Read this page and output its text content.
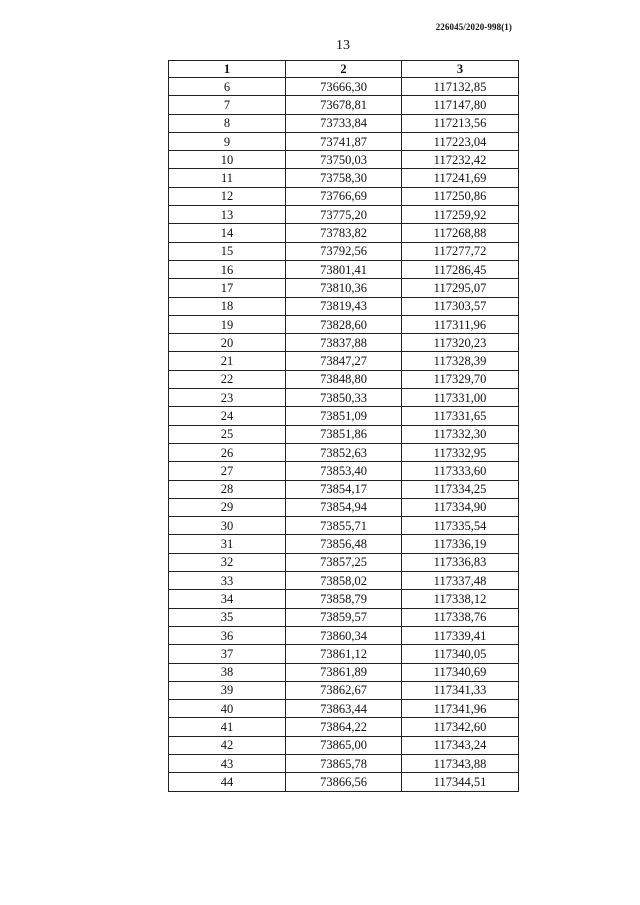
226045/2020-998(1)
13
1	2	3
6	73666,30	117132,85
7	73678,81	117147,80
8	73733,84	117213,56
9	73741,87	117223,04
10	73750,03	117232,42
11	73758,30	117241,69
12	73766,69	117250,86
13	73775,20	117259,92
14	73783,82	117268,88
15	73792,56	117277,72
16	73801,41	117286,45
17	73810,36	117295,07
18	73819,43	117303,57
19	73828,60	117311,96
20	73837,88	117320,23
21	73847,27	117328,39
22	73848,80	117329,70
23	73850,33	117331,00
24	73851,09	117331,65
25	73851,86	117332,30
26	73852,63	117332,95
27	73853,40	117333,60
28	73854,17	117334,25
29	73854,94	117334,90
30	73855,71	117335,54
31	73856,48	117336,19
32	73857,25	117336,83
33	73858,02	117337,48
34	73858,79	117338,12
35	73859,57	117338,76
36	73860,34	117339,41
37	73861,12	117340,05
38	73861,89	117340,69
39	73862,67	117341,33
40	73863,44	117341,96
41	73864,22	117342,60
42	73865,00	117343,24
43	73865,78	117343,88
44	73866,56	117344,51
